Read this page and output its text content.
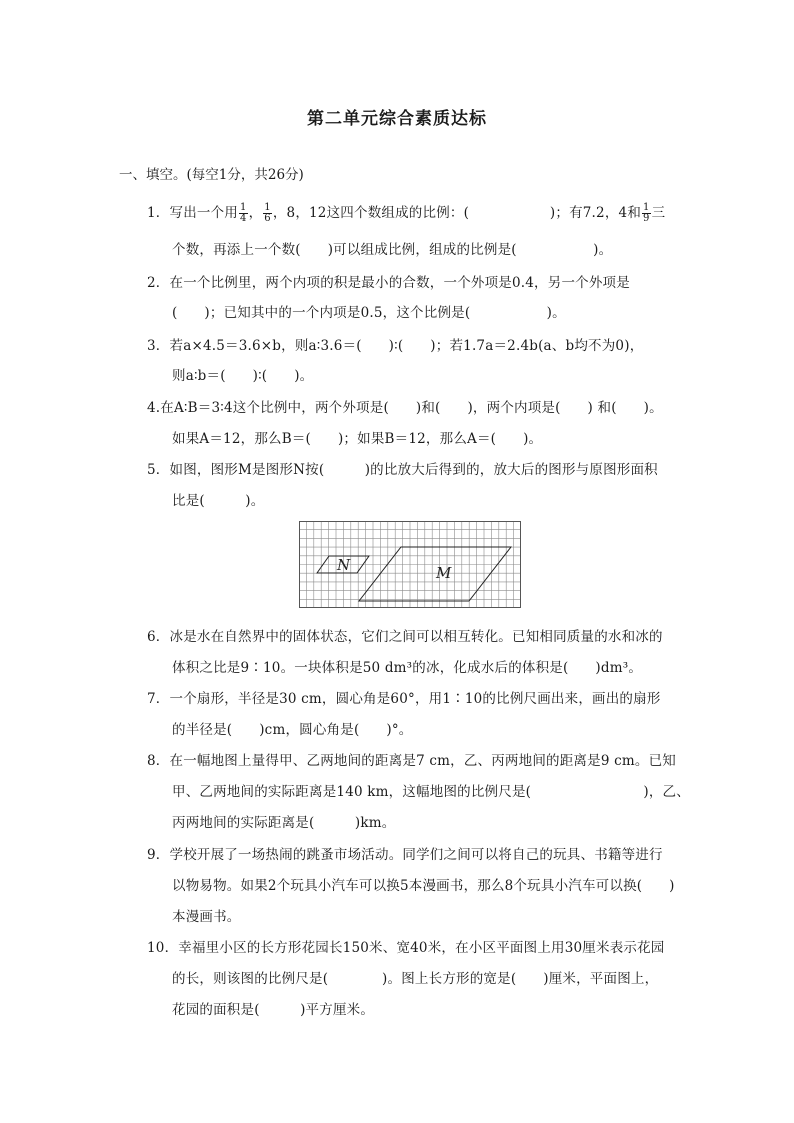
第二单元综合素质达标
一、填空。(每空1分，共26分)
1．写出一个用 $\frac{1}{4}$ ， $\frac{1}{6}$ ，8，12这四个数组成的比例：(                  )；有7.2，4和 $\frac{1}{9}$ 三
个数，再添上一个数(      )可以组成比例，组成的比例是(                 )。
2．在一个比例里，两个内项的积是最小的合数，一个外项是0.4，另一个外项是
(      )；已知其中的一个内项是0.5，这个比例是(                 )。
3．若a×4.5＝3.6×b，则a∶3.6＝(      )∶(      )；若1.7a＝2.4b(a、b均不为0)，
则a∶b＝(      )∶(      )。
4.在A∶B＝3∶4这个比例中，两个外项是(      )和(      )，两个内项是(      ) 和(      )。
如果A＝12，那么B＝(      )；如果B＝12，那么A＝(      )。
5．如图，图形M是图形N按(         )的比放大后得到的，放大后的图形与原图形面积
比是(         )。
N	M
6．冰是水在自然界中的固体状态，它们之间可以相互转化。已知相同质量的水和冰的
体积之比是9∶10。一块体积是50 dm³的冰，化成水后的体积是(      )dm³。
7．一个扇形，半径是30 cm，圆心角是60°，用1∶10的比例尺画出来，画出的扇形
的半径是(      )cm，圆心角是(      )°。
8．在一幅地图上量得甲、乙两地间的距离是7 cm，乙、丙两地间的距离是9 cm。已知
甲、乙两地间的实际距离是140 km，这幅地图的比例尺是(                         )，乙、
丙两地间的实际距离是(         )km。
9．学校开展了一场热闹的跳蚤市场活动。同学们之间可以将自己的玩具、书籍等进行
以物易物。如果2个玩具小汽车可以换5本漫画书，那么8个玩具小汽车可以换(      )
本漫画书。
10．幸福里小区的长方形花园长150米、宽40米，在小区平面图上用30厘米表示花园
的长，则该图的比例尺是(            )。图上长方形的宽是(      )厘米，平面图上，
花园的面积是(         )平方厘米。
